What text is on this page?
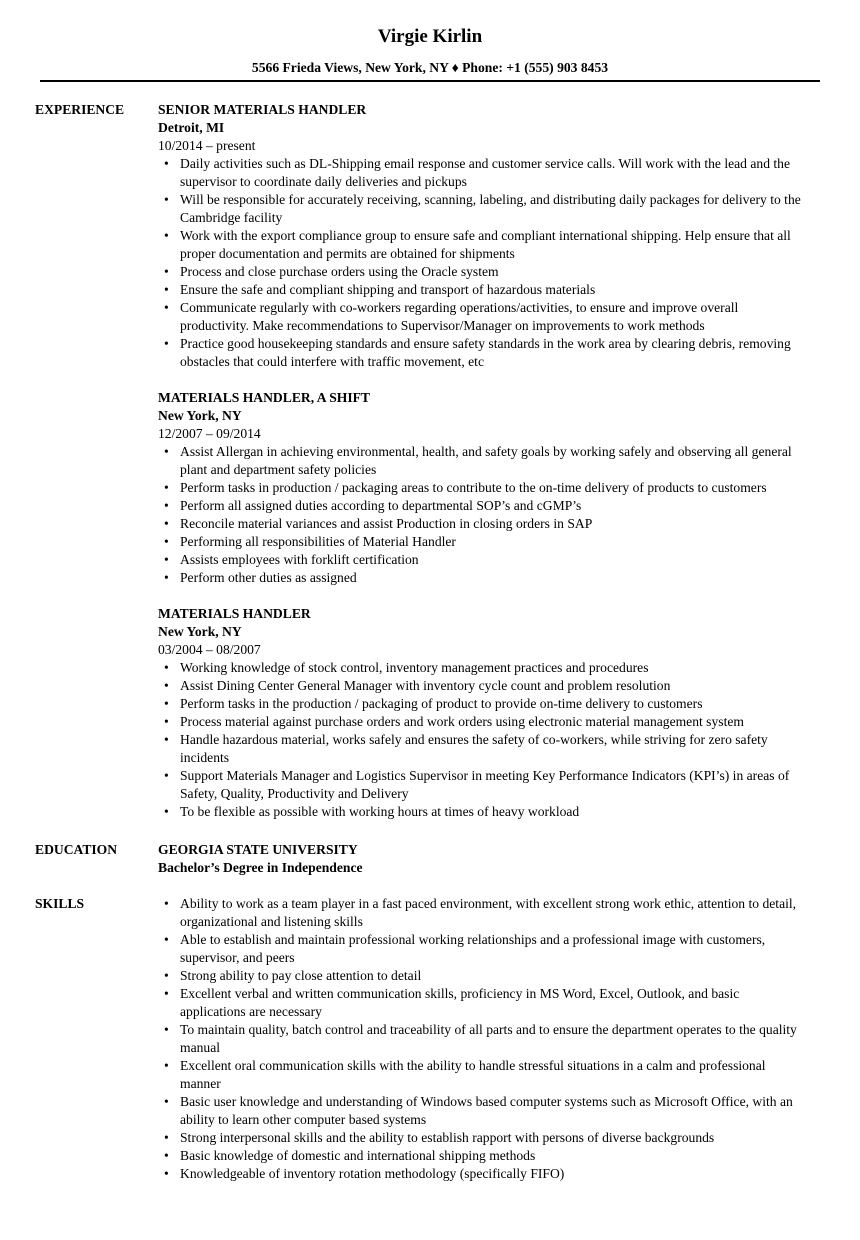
Virgie Kirlin
5566 Frieda Views, New York, NY ♦ Phone: +1 (555) 903 8453
EXPERIENCE SENIOR MATERIALS HANDLER
Detroit, MI
10/2014 – present
• Daily activities such as DL-Shipping email response and customer service calls. Will work with the lead and the supervisor to coordinate daily deliveries and pickups
• Will be responsible for accurately receiving, scanning, labeling, and distributing daily packages for delivery to the Cambridge facility
• Work with the export compliance group to ensure safe and compliant international shipping. Help ensure that all proper documentation and permits are obtained for shipments
• Process and close purchase orders using the Oracle system
• Ensure the safe and compliant shipping and transport of hazardous materials
• Communicate regularly with co-workers regarding operations/activities, to ensure and improve overall productivity. Make recommendations to Supervisor/Manager on improvements to work methods
• Practice good housekeeping standards and ensure safety standards in the work area by clearing debris, removing obstacles that could interfere with traffic movement, etc
MATERIALS HANDLER, A SHIFT
New York, NY
12/2007 – 09/2014
• Assist Allergan in achieving environmental, health, and safety goals by working safely and observing all general plant and department safety policies
• Perform tasks in production / packaging areas to contribute to the on-time delivery of products to customers
• Perform all assigned duties according to departmental SOP’s and cGMP’s
• Reconcile material variances and assist Production in closing orders in SAP
• Performing all responsibilities of Material Handler
• Assists employees with forklift certification
• Perform other duties as assigned
MATERIALS HANDLER
New York, NY
03/2004 – 08/2007
• Working knowledge of stock control, inventory management practices and procedures
• Assist Dining Center General Manager with inventory cycle count and problem resolution
• Perform tasks in the production / packaging of product to provide on-time delivery to customers
• Process material against purchase orders and work orders using electronic material management system
• Handle hazardous material, works safely and ensures the safety of co-workers, while striving for zero safety incidents
• Support Materials Manager and Logistics Supervisor in meeting Key Performance Indicators (KPI’s) in areas of Safety, Quality, Productivity and Delivery
• To be flexible as possible with working hours at times of heavy workload
EDUCATION	GEORGIA STATE UNIVERSITY
Bachelor’s Degree in Independence
SKILLS
•	Ability to work as a team player in a fast paced environment, with excellent strong work ethic, attention to detail, organizational and listening skills
• Able to establish and maintain professional working relationships and a professional image with customers, supervisor, and peers
• Strong ability to pay close attention to detail
• Excellent verbal and written communication skills, proficiency in MS Word, Excel, Outlook, and basic applications are necessary
• To maintain quality, batch control and traceability of all parts and to ensure the department operates to the quality manual
• Excellent oral communication skills with the ability to handle stressful situations in a calm and professional manner
• Basic user knowledge and understanding of Windows based computer systems such as Microsoft Office, with an ability to learn other computer based systems
• Strong interpersonal skills and the ability to establish rapport with persons of diverse backgrounds
• Basic knowledge of domestic and international shipping methods
• Knowledgeable of inventory rotation methodology (specifically FIFO)
